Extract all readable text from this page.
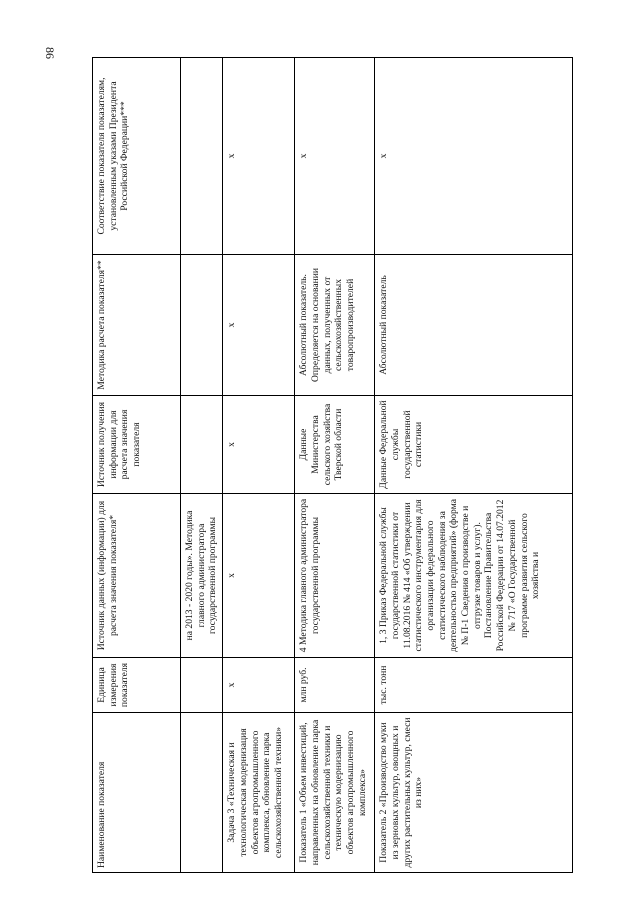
86
Наименование показателя	Единица измерения показателя	Источник данных (информации) для расчета значения показателя*	Источник получения информации для расчета значения показателя	Методика расчета показателя**	Соответствие показателя показателям, установленным указами Президента Российской Федерации***
		на 2013 - 2020 годы». Методика главного администратора государственной программы			
Задача 3 «Техническая и технологическая модернизация объектов агропромышленного комплекса, обновление парка сельскохозяйственной техники»	x	x	x	x	x
Показатель 1 «Объем инвестиций, направленных на обновление парка сельскохозяйственной техники и техническую модернизацию объектов агропромышленного комплекса»	млн руб.	4 Методика главного администратора государственной программы	Данные Министерства сельского хозяйства Тверской области	Абсолютный показатель. Определяется на основании данных, полученных от сельскохозяйственных товаропроизводителей	x
Показатель 2 «Производство муки из зерновых культур, овощных и других растительных культур, смеси из них»	тыс. тонн	1, 3 Приказ Федеральной службы государственной статистики от 11.08.2016 № 414 «Об утверждении статистического инструментария для организации федерального статистического наблюдения за деятельностью предприятий» (форма № П-1 Сведения о производстве и отгрузке товаров и услуг). Постановление Правительства Российской Федерации от 14.07.2012 № 717 «О Государственной программе развития сельского хозяйства и	Данные Федеральной службы государственной статистики	Абсолютный показатель	x
